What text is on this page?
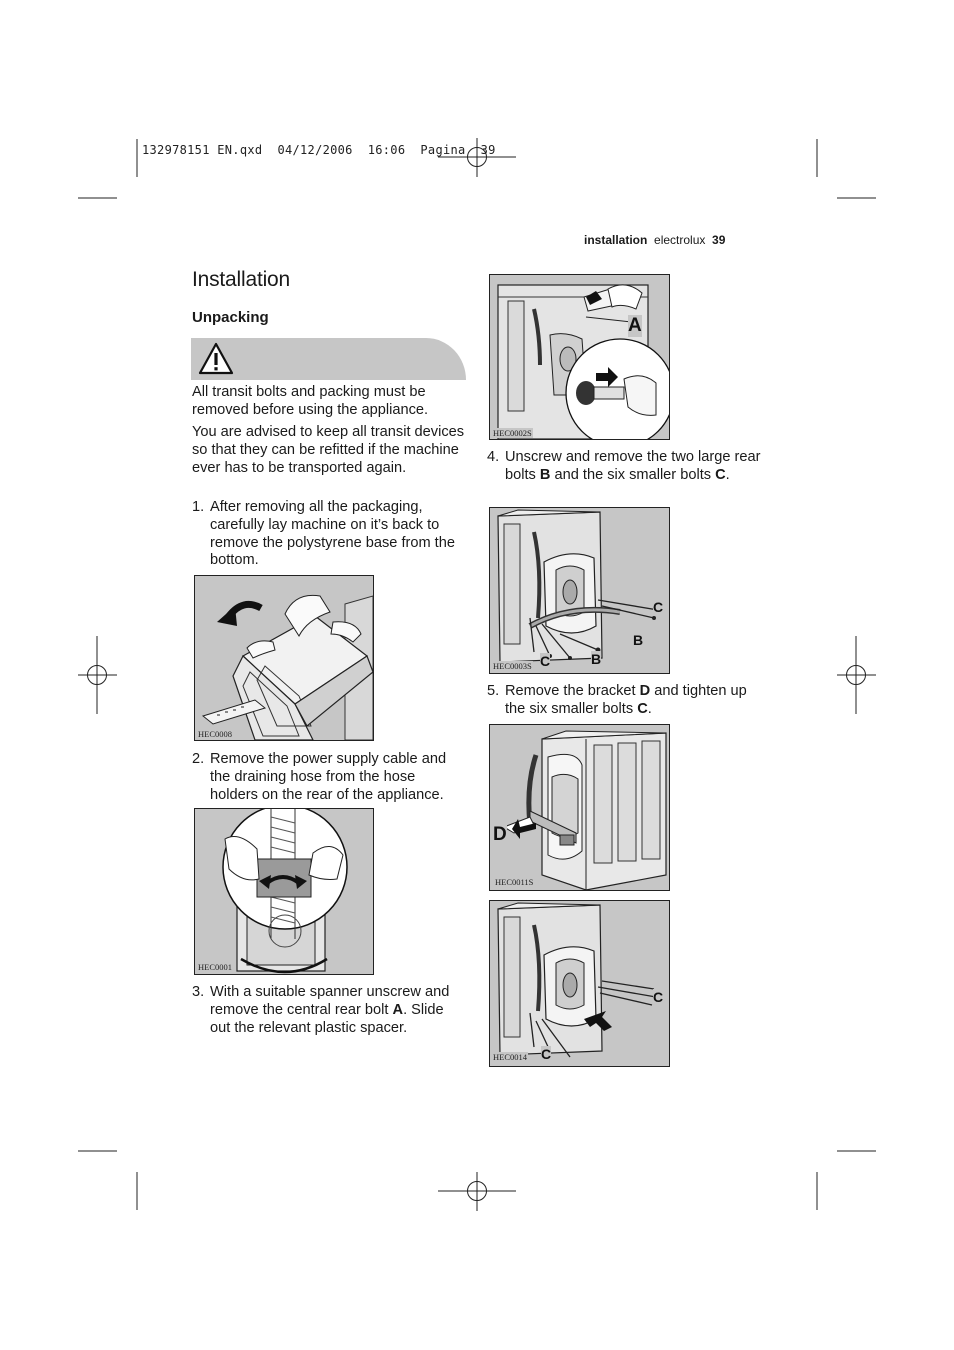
132978151 EN.qxd  04/12/2006  16:06  Pagina  39
installation electrolux 39
Installation
Unpacking
All transit bolts and packing must be removed before using the appliance.
You are advised to keep all transit devices so that they can be refitted if the machine ever has to be transported again.
1. After removing all the packaging, carefully lay machine on it’s back to remove the polystyrene base from the bottom.
HEC0008
2. Remove the power supply cable and the draining hose from the hose holders on the rear of the appliance.
HEC0001
3. With a suitable spanner unscrew and remove the central rear bolt A. Slide out the relevant plastic spacer.
HEC0002S
A
4. Unscrew and remove the two large rear bolts B and the six smaller bolts C.
HEC0003S
C
B
C	B
5. Remove the bracket D and tighten up the six smaller bolts C.
HEC0011S
D
HEC0014
C
C
